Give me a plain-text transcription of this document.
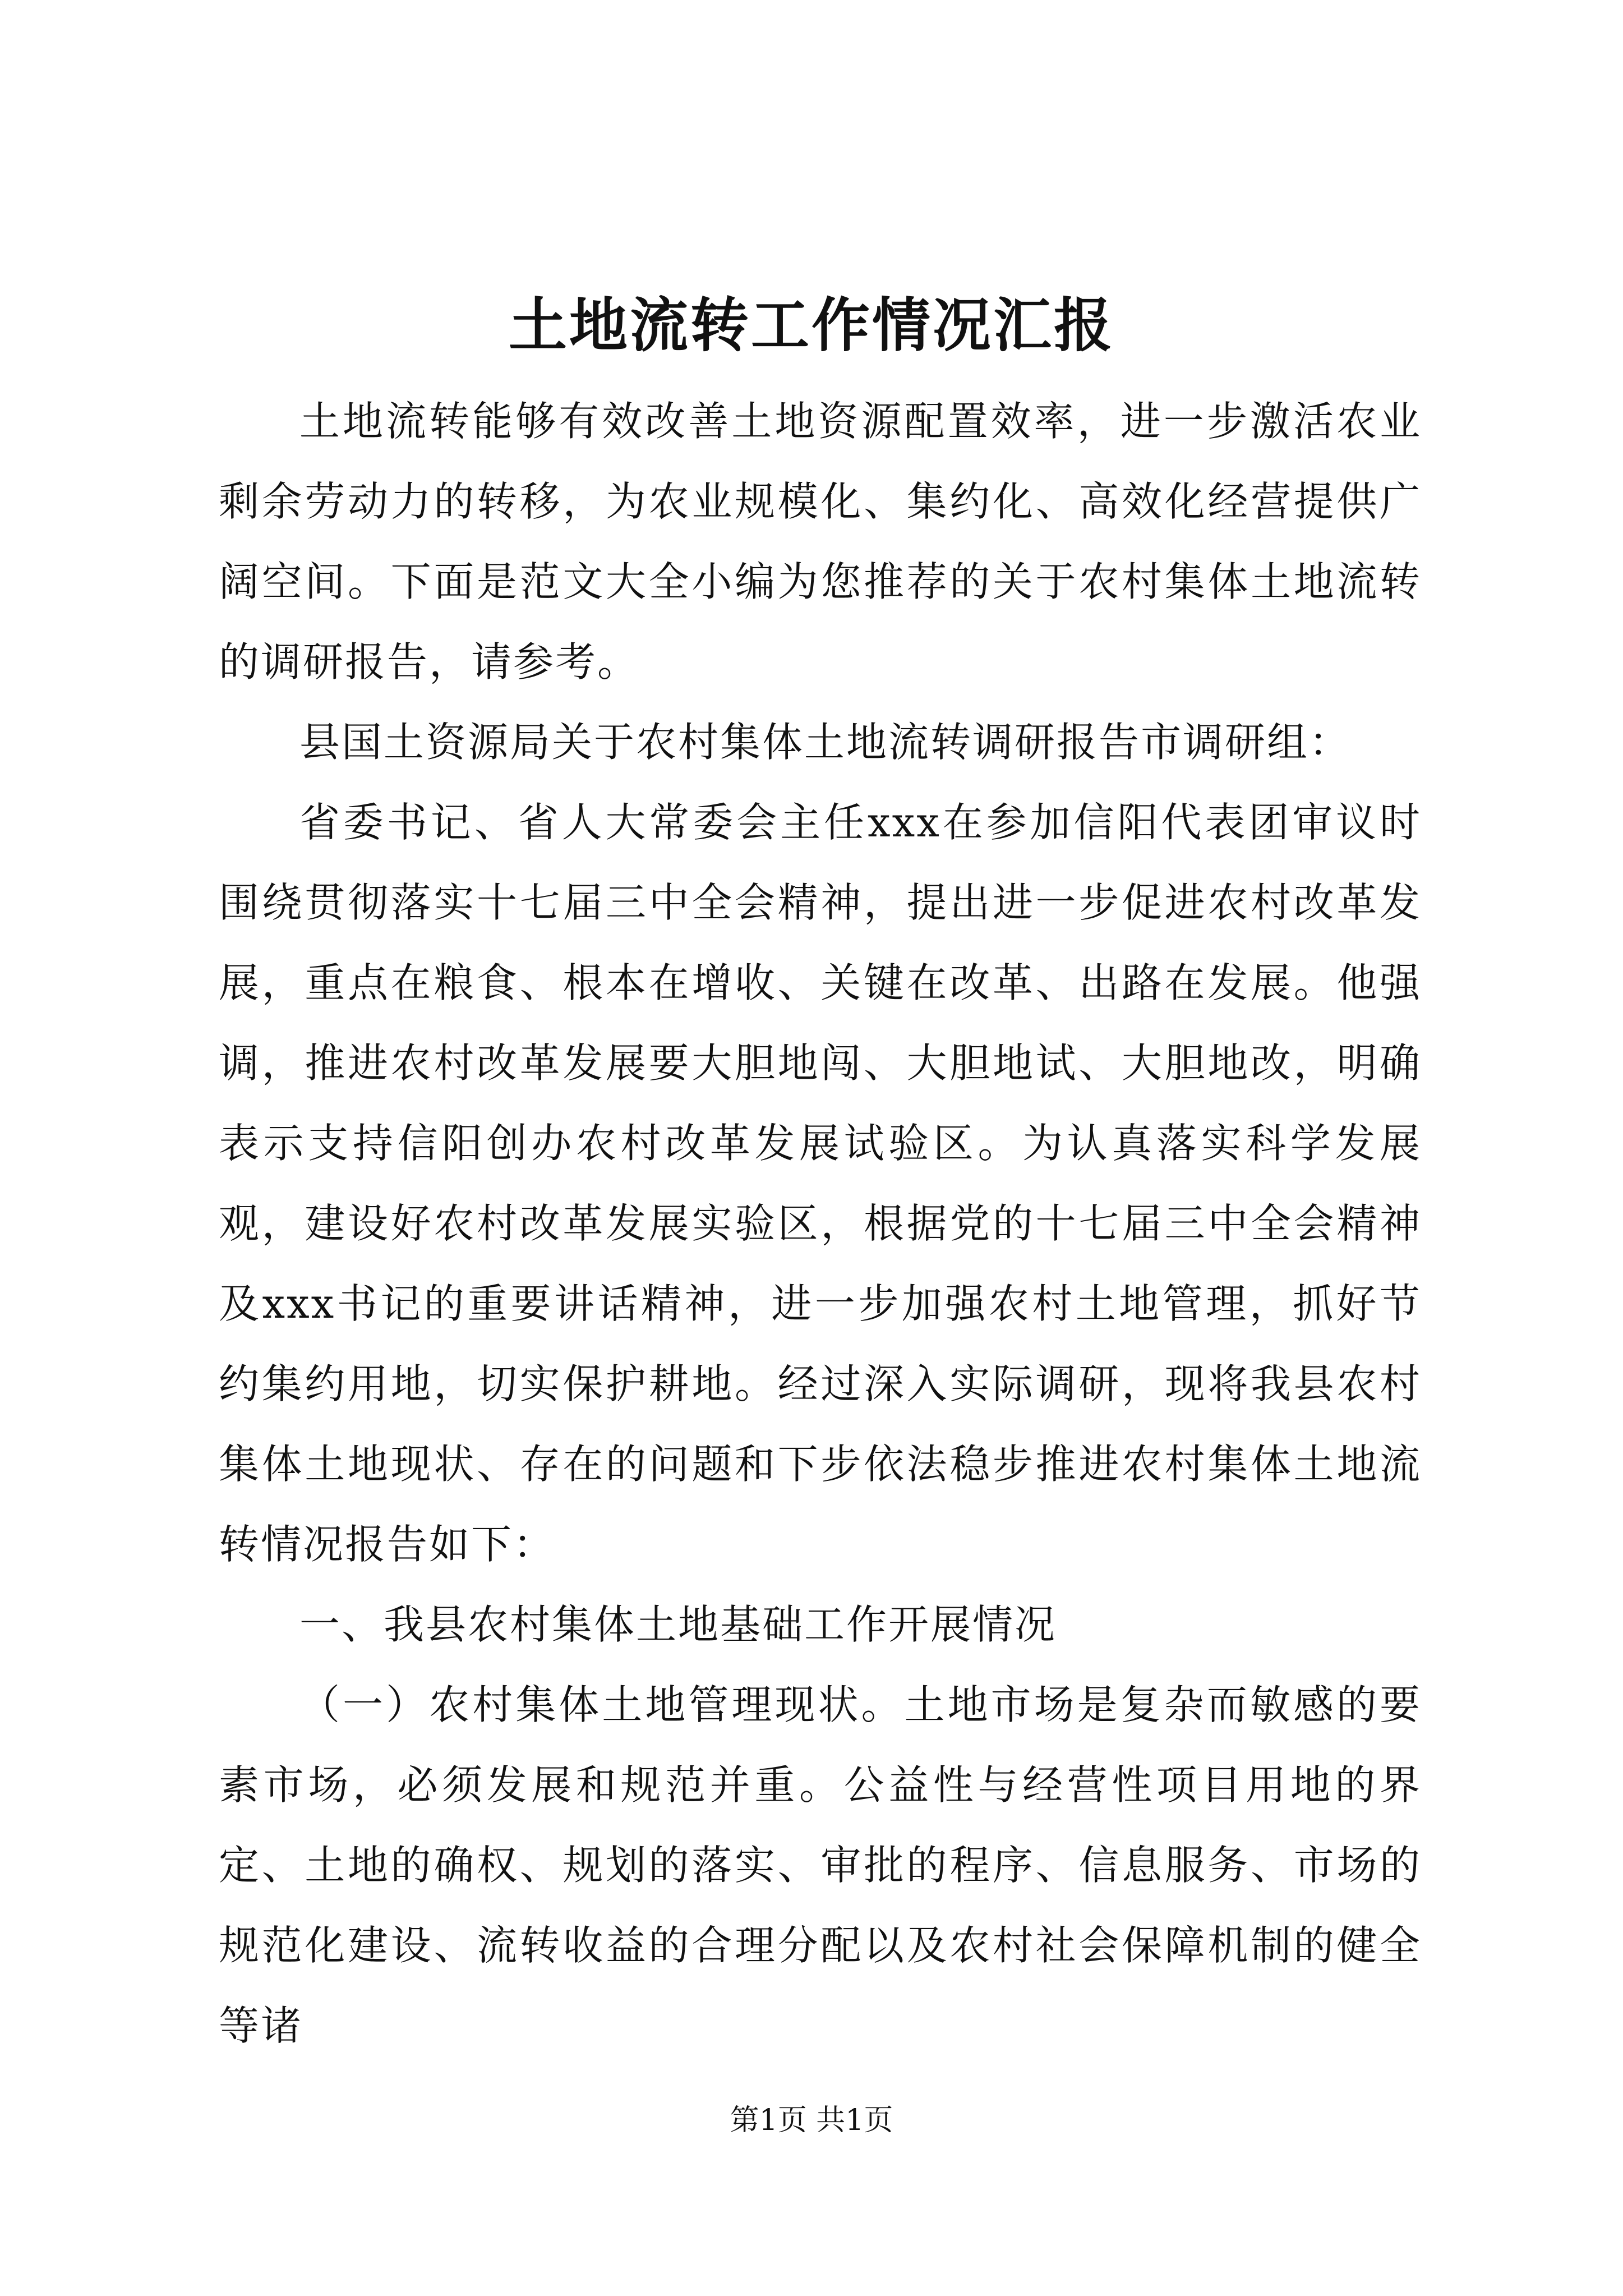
土地流转工作情况汇报

土地流转能够有效改善土地资源配置效率，进一步激活农业剩余劳动力的转移，为农业规模化、集约化、高效化经营提供广阔空间。下面是范文大全小编为您推荐的关于农村集体土地流转的调研报告，请参考。

县国土资源局关于农村集体土地流转调研报告市调研组：

省委书记、省人大常委会主任xxx在参加信阳代表团审议时围绕贯彻落实十七届三中全会精神，提出进一步促进农村改革发展，重点在粮食、根本在增收、关键在改革、出路在发展。他强调，推进农村改革发展要大胆地闯、大胆地试、大胆地改，明确表示支持信阳创办农村改革发展试验区。为认真落实科学发展观，建设好农村改革发展实验区，根据党的十七届三中全会精神及xxx书记的重要讲话精神，进一步加强农村土地管理，抓好节约集约用地，切实保护耕地。经过深入实际调研，现将我县农村集体土地现状、存在的问题和下步依法稳步推进农村集体土地流转情况报告如下：

一、我县农村集体土地基础工作开展情况

（一）农村集体土地管理现状。土地市场是复杂而敏感的要素市场，必须发展和规范并重。公益性与经营性项目用地的界定、土地的确权、规划的落实、审批的程序、信息服务、市场的规范化建设、流转收益的合理分配以及农村社会保障机制的健全等诸

第1页 共1页
